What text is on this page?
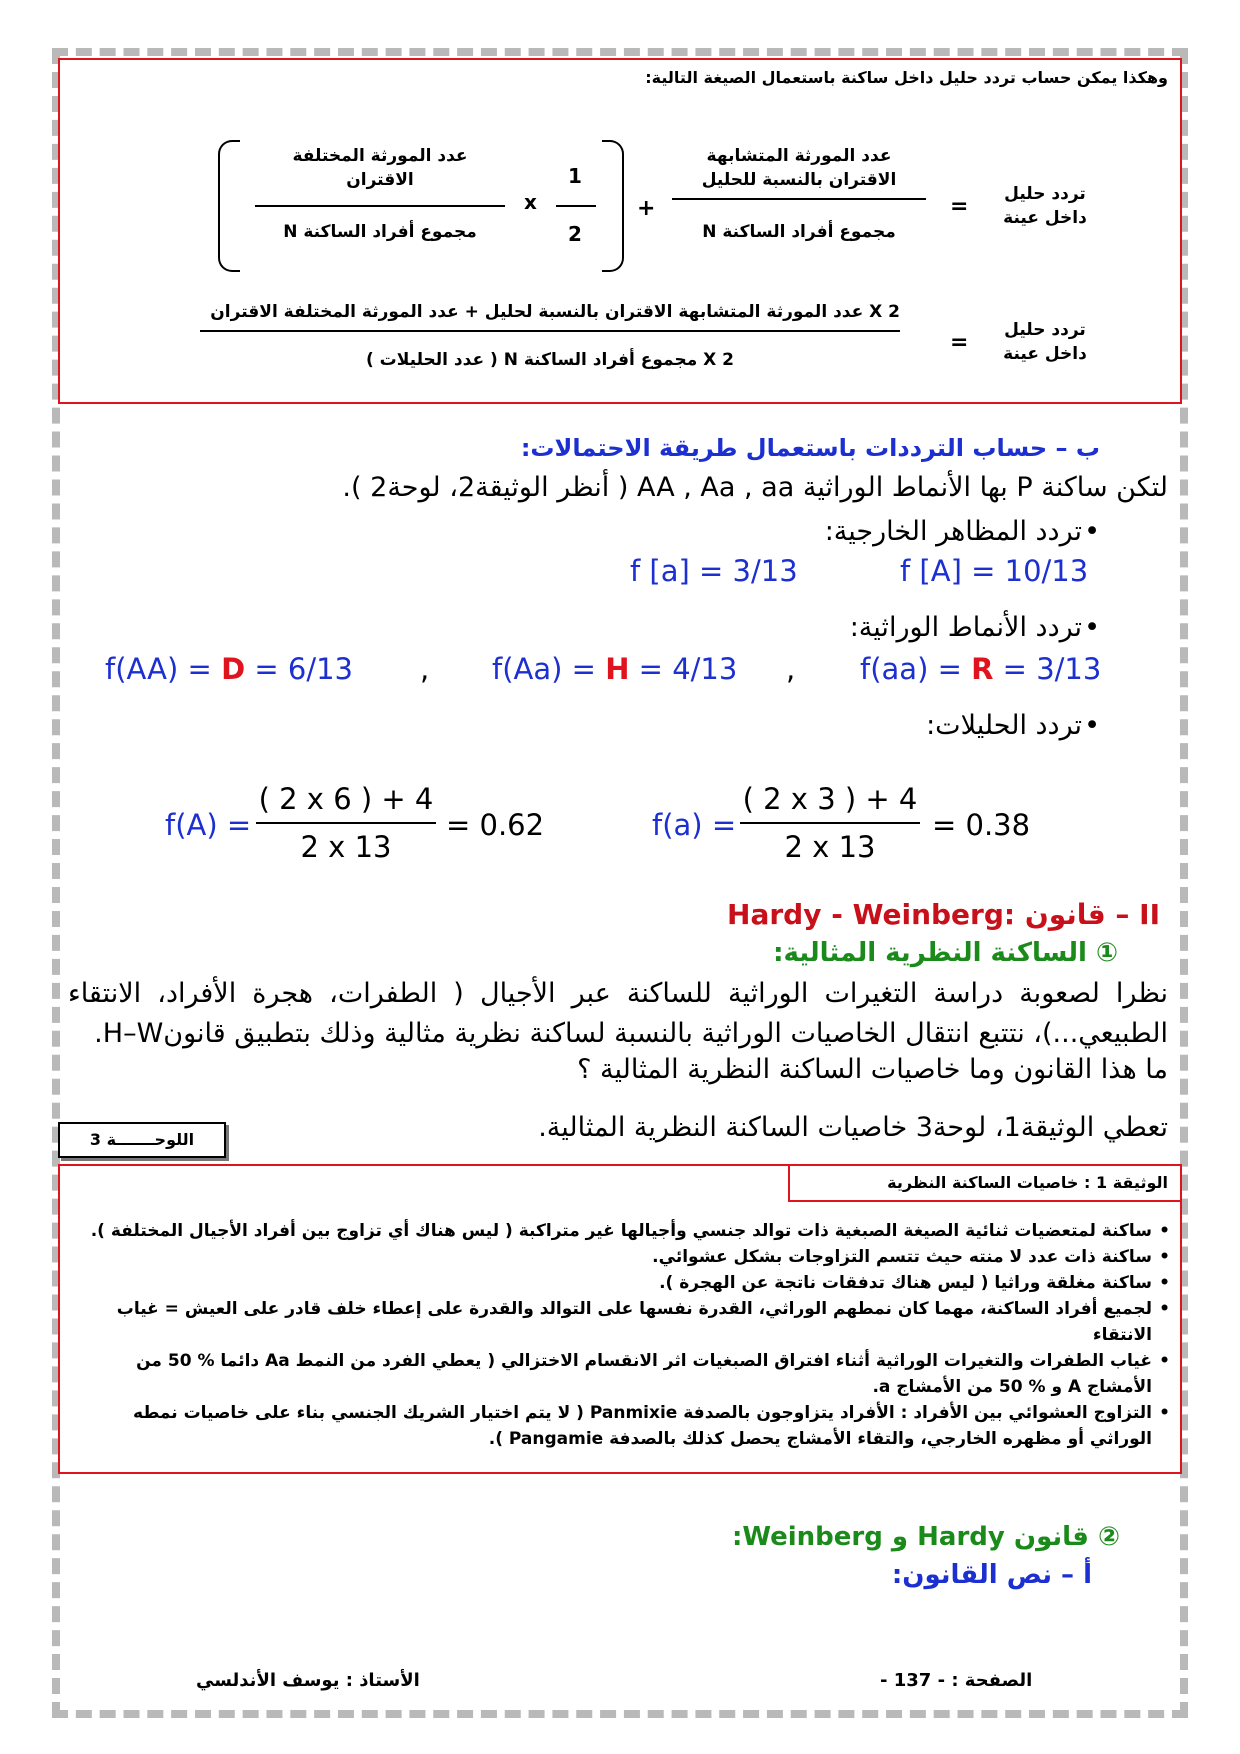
وهكذا يمكن حساب تردد حليل داخل ساكنة باستعمال الصيغة التالية:
تردد حليل
داخل عينة
=
عدد المورثة المتشابهة
الاقتران بالنسبة للحليل
مجموع أفراد الساكنة N
+
1
2
x
عدد المورثة المختلفة
الاقتران
مجموع أفراد الساكنة N
تردد حليل
داخل عينة
=
X 2 عدد المورثة المتشابهة الاقتران بالنسبة لحليل + عدد المورثة المختلفة الاقتران
X 2 مجموع أفراد الساكنة N ( عدد الحليلات )
ب – حساب الترددات باستعمال طريقة الاحتمالات:
لتكن ساكنة P بها الأنماط الوراثية AA , Aa , aa ( أنظر الوثيقة2، لوحة2 ).
• تردد المظاهر الخارجية:
f [A] = 10/13
f [a] = 3/13
• تردد الأنماط الوراثية:
f(aa) = R = 3/13
,
f(Aa) = H = 4/13
,
f(AA) = D = 6/13
• تردد الحليلات:
f(a) =
( 2 x 3 ) + 4
2 x 13
= 0.38
f(A) =
( 2 x 6 ) + 4
2 x 13
= 0.62
Hardy - Weinberg: II – قانون
① الساكنة النظرية المثالية:
نظرا لصعوبة دراسة التغيرات الوراثية للساكنة عبر الأجيال ( الطفرات، هجرة الأفراد، الانتقاء الطبيعي...)، نتتبع انتقال الخاصيات الوراثية بالنسبة لساكنة نظرية مثالية وذلك بتطبيق قانونH–W.
ما هذا القانون وما خاصيات الساكنة النظرية المثالية ؟
تعطي الوثيقة1، لوحة3 خاصيات الساكنة النظرية المثالية.
اللوحـــــــة 3
الوثيقة 1 : خاصيات الساكنة النظرية
• ساكنة لمتعضيات ثنائية الصيغة الصبغية ذات توالد جنسي وأجيالها غير متراكبة ( ليس هناك أي تزاوج بين أفراد الأجيال المختلفة ).
• ساكنة ذات عدد لا منته حيث تتسم التزاوجات بشكل عشوائي.
• ساكنة مغلقة وراثيا ( ليس هناك تدفقات ناتجة عن الهجرة ).
• لجميع أفراد الساكنة، مهما كان نمطهم الوراثي، القدرة نفسها على التوالد والقدرة على إعطاء خلف قادر على العيش = غياب الانتقاء
• غياب الطفرات والتغيرات الوراثية أثناء افتراق الصبغيات اثر الانقسام الاختزالي ( يعطي الفرد من النمط Aa دائما % 50 من الأمشاج A و % 50 من الأمشاج a.
• التزاوج العشوائي بين الأفراد : الأفراد يتزاوجون بالصدفة Panmixie ( لا يتم اختيار الشريك الجنسي بناء على خاصيات نمطه الوراثي أو مظهره الخارجي، والتقاء الأمشاج يحصل كذلك بالصدفة Pangamie ).
② قانون Hardy و Weinberg:
أ – نص القانون:
الصفحة : - 137 -
الأستاذ : يوسف الأندلسي
